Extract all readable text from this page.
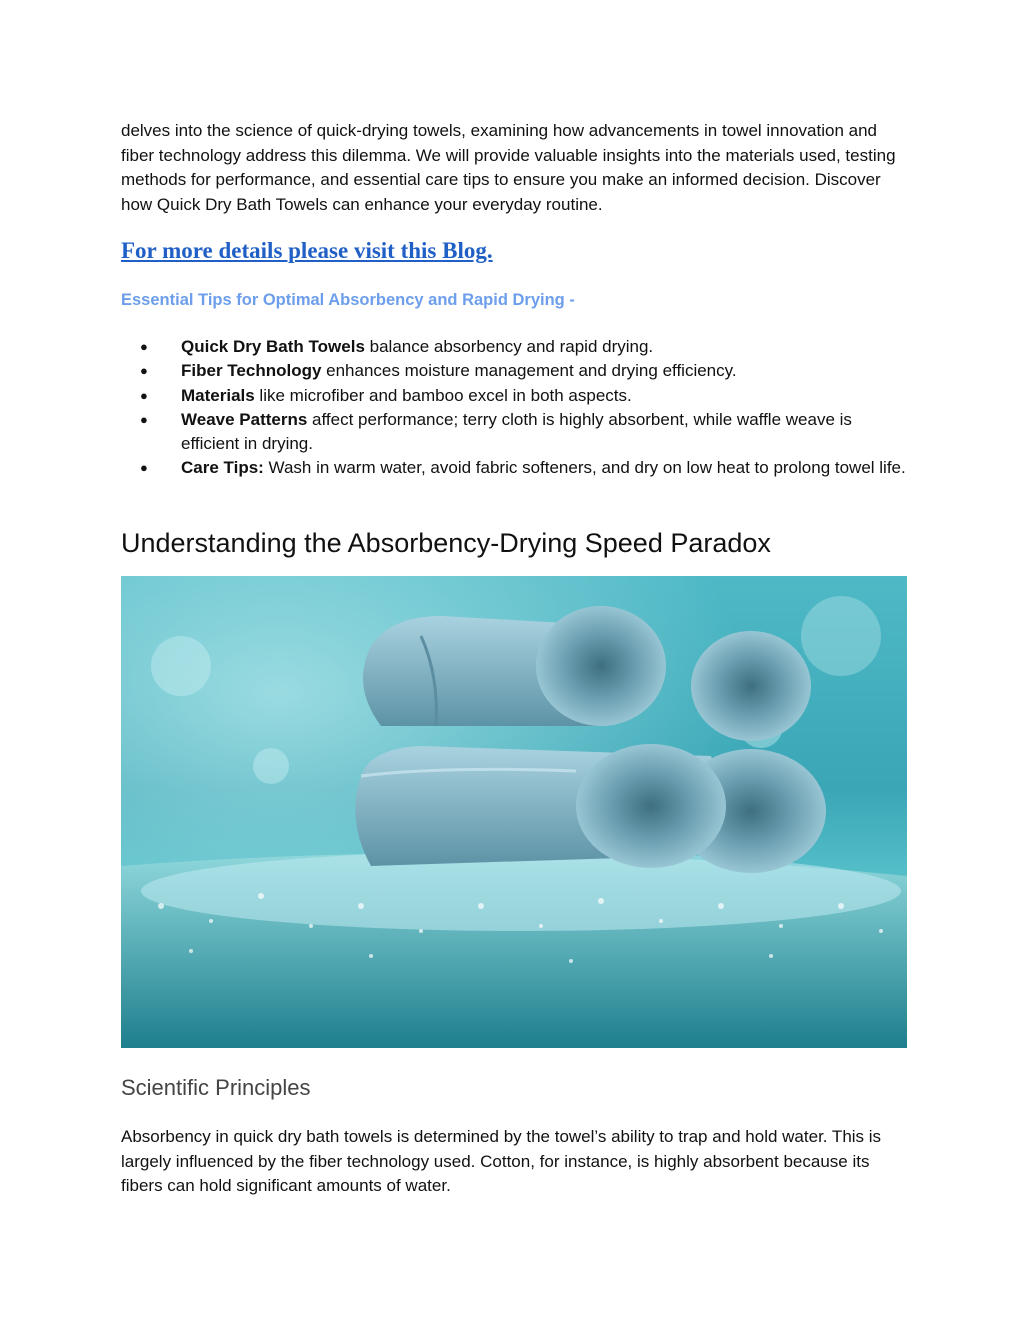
delves into the science of quick-drying towels, examining how advancements in towel innovation and fiber technology address this dilemma. We will provide valuable insights into the materials used, testing methods for performance, and essential care tips to ensure you make an informed decision. Discover how Quick Dry Bath Towels can enhance your everyday routine.

For more details please visit this Blog.
Essential Tips for Optimal Absorbency and Rapid Drying -
● Quick Dry Bath Towels balance absorbency and rapid drying.
● Fiber Technology enhances moisture management and drying efficiency.
● Materials like microfiber and bamboo excel in both aspects.
● Weave Patterns affect performance; terry cloth is highly absorbent, while waffle weave is efficient in drying.
● Care Tips: Wash in warm water, avoid fabric softeners, and dry on low heat to prolong towel life.
Understanding the Absorbency-Drying Speed Paradox
Scientific Principles

Absorbency in quick dry bath towels is determined by the towel’s ability to trap and hold water. This is largely influenced by the fiber technology used. Cotton, for instance, is highly absorbent because its fibers can hold significant amounts of water.
